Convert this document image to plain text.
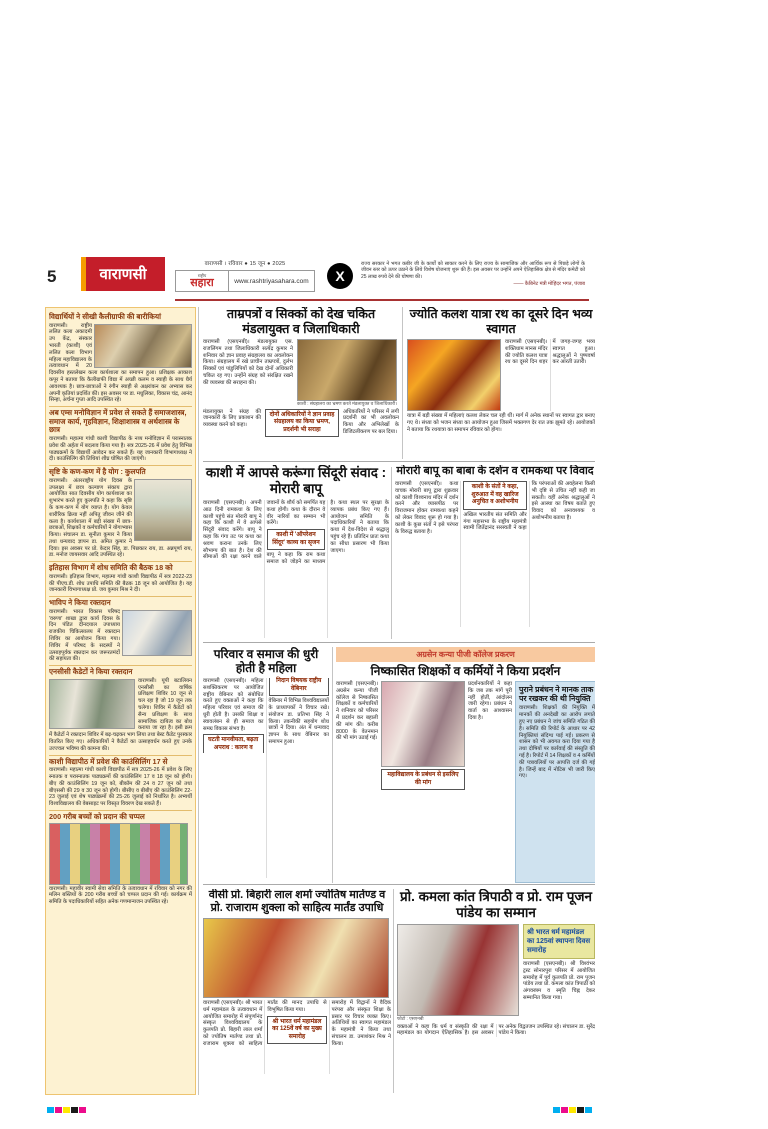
5	वाराणसी
वाराणसी । रविवार ● 15 जून ● 2025
राष्ट्रीय
सहारा	www.rashtriyasahara.com	X
राज्य सरकार ने भगत कबीर जी के कार्यों को साकार करने के लिए राज्य के सामाजिक और आर्थिक रूप से पिछड़े लोगों के जीवन स्तर को ऊपर उठाने के लिये विशेष योजनाएं शुरू की हैं। इस अवसर पर उन्होंने अपने ऐतिहासिक क्षेत्र से मंदिर कमेटी को 25 लाख रुपये देने की घोषणा की।
—— कैबिनेट मंत्री मोहिंदर भगत, पंजाब
विद्यार्थियों ने सीखी कैलीग्राफी की बारीकियां
वाराणसी। राष्ट्रीय ललित कला अकादमी उप केंद्र, संस्कार भारती (काशी) एवं ललित कला विभाग महिला महाविद्यालय के तत्वावधान में 20 दिवसीय हस्तलेखन कला कार्यशाला का समापन हुआ। प्रशिक्षक आकाश कपूर ने बताया कि कैलीग्राफी विद्या में अच्छी कलम व स्याही के साथ धैर्य आवश्यक है। छात्र-छात्राओं ने रंगीन स्याही से अक्षरांकन का अभ्यास कर अपनी कृतियां प्रदर्शित कीं। इस अवसर पर डा. मधुलिका, विकास चंद्र, आनंद सिन्हा, अर्चना गुप्ता आदि उपस्थित रहे।
अब एम्स मनोविज्ञान में प्रवेश ले सकते हैं समाजशास्त्र, समाज कार्य, गृहविज्ञान, शिक्षाशास्त्र व अर्थशास्त्र के छात्र
वाराणसी। महात्मा गांधी काशी विद्यापीठ के नव्य मनोविज्ञान में परास्नातक प्रवेश की अर्हता में बदलाव किया गया है। सत्र 2025-26 में प्रवेश हेतु विभिन्न पाठ्यक्रमों के विद्यार्थी आवेदन कर सकते हैं। यह जानकारी विभागाध्यक्ष ने दी। काउंसिलिंग की तिथियां शीघ्र घोषित की जाएंगी।
सृष्टि के कण-कण में है योग : कुलपति
वाराणसी। अंतरराष्ट्रीय योग दिवस के उपलक्ष्य में छात्र कल्याण संकाय द्वारा आयोजित सात दिवसीय योग कार्यशाला का शुभारंभ करते हुए कुलपति ने कहा कि सृष्टि के कण-कण में योग व्याप्त है। योग केवल शारीरिक क्रिया नहीं अपितु जीवन जीने की कला है। कार्यशाला में बड़ी संख्या में छात्र-छात्राओं, शिक्षकों व कर्मचारियों ने योगाभ्यास किया। संचालन डा. सुनीता कुमार ने किया तथा धन्यवाद ज्ञापन डा. अमित कुमार ने दिया। इस अवसर पर प्रो. केदार सिंह, डा. पिछकार राय, डा. अन्नपूर्णा राय, डा. मनोज जायसवार आदि उपस्थित रहे।
इतिहास विभाग में शोध समिति की बैठक 18 को
वाराणसी। इतिहास विभाग, महात्मा गांधी काशी विद्यापीठ में सत्र 2022-23 की पीएच.डी. शोध उपाधि समिति की बैठक 18 जून को आयोजित है। यह जानकारी विभागाध्यक्ष प्रो. जय कुमार मिश्र ने दी।
भाविप ने किया रक्तदान
वाराणसी। भारत विकास परिषद 'वरुणा' शाखा द्वारा कार्य दिवस के दिन पंडित दीनदयाल उपाध्याय राजकीय चिकित्सालय में रक्तदान शिविर का आयोजन किया गया। शिविर में परिषद के सदस्यों ने उत्साहपूर्वक रक्तदान कर जरूरतमंदों की सहायता की।
एनसीसी कैडेटों ने किया रक्तदान
वाराणसी। यूपी बटालियन एनसीसी का वार्षिक प्रशिक्षण शिविर 10 जून से चल रहा है जो 19 जून तक चलेगा। शिविर में कैडेटों को सैन्य प्रशिक्षण के साथ सामाजिक दायित्व का बोध कराया जा रहा है। इसी क्रम में कैडेटों ने रक्तदान शिविर में बढ़-चढ़कर भाग लिया तथा बेस्ट कैडेट पुरस्कार वितरित किए गए। अधिकारियों ने कैडेटों का उत्साहवर्धन करते हुए उनके उज्ज्वल भविष्य की कामना की।
काशी विद्यापीठ में प्रवेश की काउंसिलिंग 17 से
वाराणसी। महात्मा गांधी काशी विद्यापीठ में सत्र 2025-26 में प्रवेश के लिए स्नातक व परास्नातक पाठ्यक्रमों की काउंसिलिंग 17 व 18 जून को होगी। बीए की काउंसिलिंग 19 जून को, बीकॉम की 24 व 27 जून को तथा बीएससी की 29 व 30 जून को होगी। बीसीए व बीबीए की काउंसिलिंग 22-23 जुलाई एवं शेष पाठ्यक्रमों की 25-26 जुलाई को निर्धारित है। अभ्यर्थी विश्वविद्यालय की वेबसाइट पर विस्तृत विवरण देख सकते हैं।
200 गरीब बच्चों को प्रदान की चप्पल
वाराणसी। महावीर स्वामी सेवा समिति के तत्वावधान में रविवार को नगर की मलिन बस्तियों के 200 गरीब बच्चों को चप्पल प्रदान की गई। कार्यक्रम में समिति के पदाधिकारियों सहित अनेक गणमान्यजन उपस्थित रहे।
ताम्रपत्रों व सिक्कों को देख चकित मंडलायुक्त व जिलाधिकारी
वाराणसी (एसएनबी)। मंडलायुक्त एस. राजलिंगम तथा जिलाधिकारी सत्येंद्र कुमार ने शनिवार को ज्ञान प्रवाह संग्रहालय का अवलोकन किया। संग्रहालय में रखे प्राचीन ताम्रपत्रों, दुर्लभ सिक्कों एवं पांडुलिपियों को देख दोनों अधिकारी चकित रह गए। उन्होंने संग्रह को संरक्षित रखने की व्यवस्था की सराहना की।
काशी : संग्रहालय का भ्रमण करते मंडलायुक्त व जिलाधिकारी।
मंडलायुक्त ने संग्रह की जानकारी के लिए प्रकाशन की व्यवस्था करने को कहा।
दोनों अधिकारियों ने ज्ञान प्रवाह संग्रहालय का किया भ्रमण, प्रदर्शनी भी सराहा
अधिकारियों ने परिसर में लगी प्रदर्शनी का भी अवलोकन किया और अभिलेखों के डिजिटलीकरण पर बल दिया।
ज्योति कलश यात्रा रथ का दूसरे दिन भव्य स्वागत
वाराणसी (एसएनबी)। शक्तिधाम मानस मंदिर की ज्योति कलश यात्रा रथ का दूसरे दिन शहर में जगह-जगह भव्य स्वागत हुआ। श्रद्धालुओं ने पुष्पवर्षा कर आरती उतारी।
यात्रा में बड़ी संख्या में महिलाएं कलश लेकर चल रही थीं। मार्ग में अनेक स्थानों पर स्वागत द्वार बनाए गए थे। संध्या को भजन संध्या का आयोजन हुआ जिसमें भक्तगण देर रात तक झूमते रहे। आयोजकों ने बताया कि रथयात्रा का समापन रविवार को होगा।
काशी में आपसे करूंगा सिंदूरी संवाद : मोरारी बापू
वाराणसी (एसएनबी)। अपनी आठ दिनी रामकथा के लिए काशी पहुंचे संत मोरारी बापू ने कहा कि काशी में वे आपसे सिंदूरी संवाद करेंगे। बापू ने कहा कि गंगा तट पर कथा का श्रवण कराना उनके लिए सौभाग्य की बात है। देश की सीमाओं की रक्षा करने वाले जवानों के शौर्य को समर्पित यह कथा होगी। कथा के दौरान वे वीर नारियों का सम्मान भी करेंगे।
काशी में 'ऑपरेशन सिंदूर' काव्य का सृजन
बापू ने कहा कि राम कथा समाज को जोड़ने का माध्यम है। कथा स्थल पर सुरक्षा के व्यापक प्रबंध किए गए हैं। आयोजन समिति के पदाधिकारियों ने बताया कि कथा में देश-विदेश से श्रद्धालु पहुंच रहे हैं। प्रतिदिन प्रातः कथा का सीधा प्रसारण भी किया जाएगा।
मोरारी बापू का बाबा के दर्शन व रामकथा पर विवाद
वाराणसी (एसएनबी)। कथा वाचक मोरारी बापू द्वारा शुक्रवार को काशी विश्वनाथ मंदिर में दर्शन करने और व्यासपीठ पर विराजमान होकर रामकथा कहने को लेकर विवाद शुरू हो गया है। काशी के कुछ संतों ने इसे परंपरा के विरुद्ध बताया है।
काशी के संतों ने कहा, शुरुआत में वह खारिज अनुचित व अशोभनीय
अखिल भारतीय संत समिति और गंगा महासभा के राष्ट्रीय महामंत्री स्वामी जितेंद्रानंद सरस्वती ने कहा कि परंपराओं की अवहेलना किसी भी दृष्टि से उचित नहीं कही जा सकती। वहीं अनेक श्रद्धालुओं ने इसे आस्था का विषय बताते हुए विवाद को अनावश्यक व अशोभनीय बताया है।
परिवार व समाज की धुरी होती है महिला
वाराणसी (एसएनबी)। महिला सशक्तिकरण पर आयोजित राष्ट्रीय वेबिनार को संबोधित करते हुए वक्ताओं ने कहा कि महिला परिवार एवं समाज की धुरी होती है। उसकी शिक्षा व स्वावलंबन से ही समाज का समग्र विकास संभव है।
घटती मानवीयता, बढ़ता अपराध : कारण व निदान विषयक राष्ट्रीय वेबिनार
वेबिनार में विभिन्न विश्वविद्यालयों के प्राध्यापकों ने विचार रखे। संयोजन डा. प्रतिभा सिंह ने किया। तकनीकी सहयोग शोध छात्रों ने दिया। अंत में धन्यवाद ज्ञापन के साथ वेबिनार का समापन हुआ।
अग्रसेन कन्या पीजी कॉलेज प्रकरण
निष्कासित शिक्षकों व कर्मियों ने किया प्रदर्शन
वाराणसी (एसएनबी)। अग्रसेन कन्या पीजी कॉलेज से निष्कासित शिक्षकों व कर्मचारियों ने शनिवार को परिसर में प्रदर्शन कर बहाली की मांग की। करीब 8000 के वेतनमान की भी मांग उठाई गई।
महाविद्यालय के प्रबंधन से इसलिए की मांग
प्रदर्शनकारियों ने कहा कि जब तक मांगें पूरी नहीं होतीं, आंदोलन जारी रहेगा। प्रबंधन ने वार्ता का आश्वासन दिया है।
पुराने प्रबंधन ने मानक ताक पर रखकर की थी नियुक्ति
वाराणसी। शिक्षकों की नियुक्ति में मानकों की अनदेखी का आरोप लगाते हुए नए प्रबंधन ने जांच समिति गठित की है। समिति की रिपोर्ट के आधार पर 42 नियुक्तियां संदिग्ध पाई गईं। प्रकरण से शासन को भी अवगत करा दिया गया है तथा दोषियों पर कार्रवाई की संस्तुति की गई है। रिपोर्ट में 14 शिक्षकों व 4 कर्मियों की पत्रावलियों पर आपत्ति दर्ज की गई है। जिन्हें बाद में नोटिस भी जारी किए गए।
वीसी प्रो. बिहारी लाल शर्मा ज्योतिष मार्तण्ड व प्रो. राजाराम शुक्ला को साहित्य मार्तंड उपाधि
वाराणसी (एसएनबी)। श्री भारत धर्म महामंडल के तत्वावधान में आयोजित समारोह में संपूर्णानंद संस्कृत विश्वविद्यालय के कुलपति प्रो. बिहारी लाल शर्मा को ज्योतिष मार्तण्ड तथा प्रो. राजाराम शुक्ला को साहित्य मार्तंड की मानद उपाधि से विभूषित किया गया।
श्री भारत धर्म महामंडल का 125वें वर्ष का मुख्य समारोह
समारोह में विद्वानों ने वैदिक परंपरा और संस्कृत शिक्षा के प्रसार पर विचार व्यक्त किए। अतिथियों का स्वागत महामंडल के महामंत्री ने किया तथा संचालन डा. उमाशंकर मिश्र ने किया।
प्रो. कमला कांत त्रिपाठी व प्रो. राम पूजन पांडेय का सम्मान
फोटो : एसएनबी
श्री भारत धर्म महामंडल का 125वां स्थापना दिवस समारोह
वाराणसी (एसएनबी)। श्री विश्वंभर ट्रस्ट सोनारपुरा परिसर में आयोजित समारोह में पूर्व कुलपति प्रो. राम पूजन पांडेय तथा प्रो. कमला कांत त्रिपाठी को अंगवस्त्रम व स्मृति चिह्न देकर सम्मानित किया गया।
वक्ताओं ने कहा कि धर्म व संस्कृति की रक्षा में महामंडल का योगदान ऐतिहासिक है। इस अवसर पर अनेक विद्वतजन उपस्थित रहे। संचालन डा. सुरेंद्र पांडेय ने किया।
